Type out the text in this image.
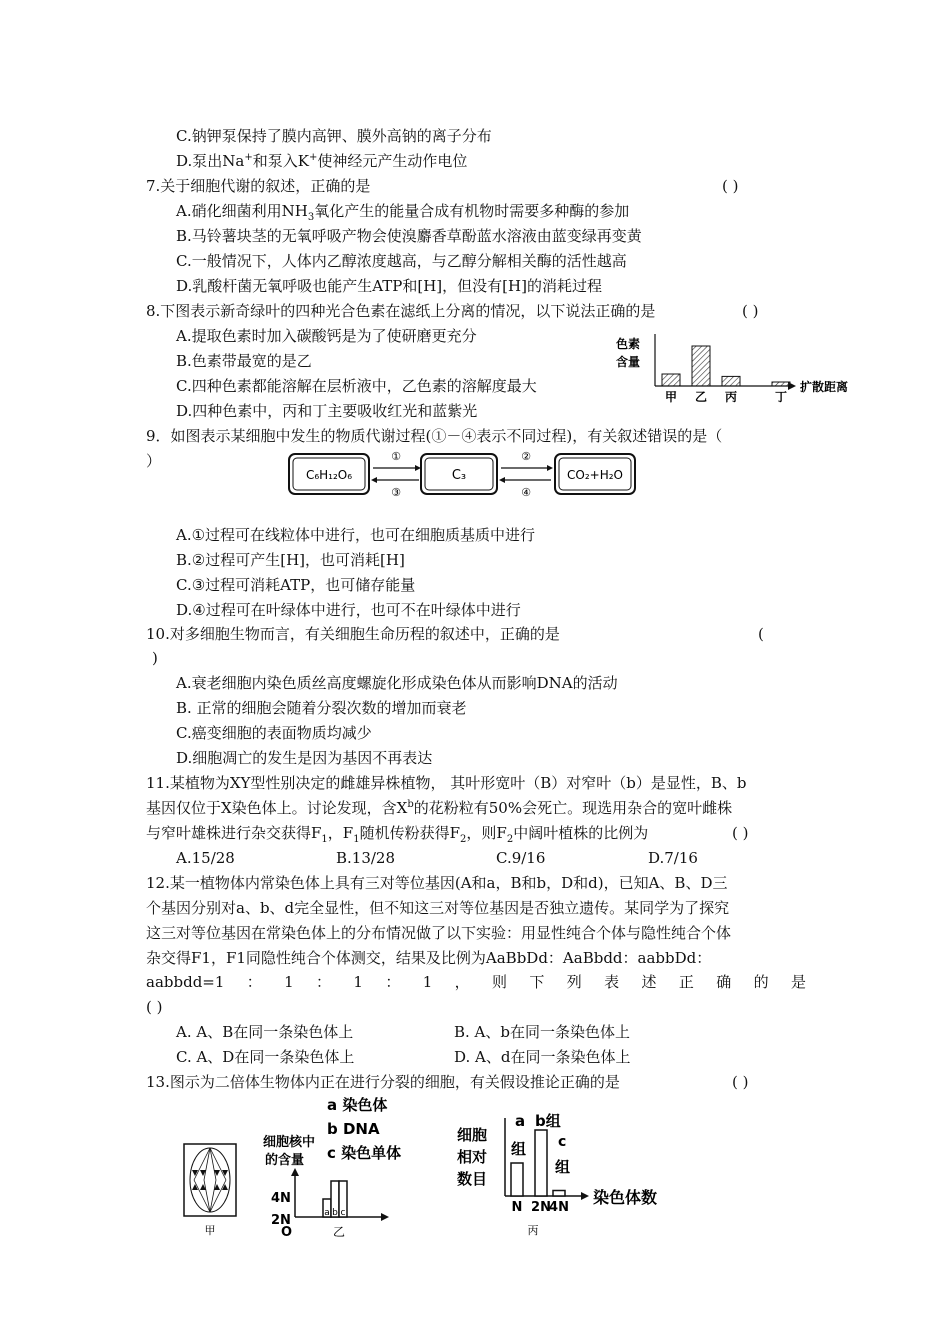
C.钠钾泵保持了膜内高钾、膜外高钠的离子分布
D.泵出Na+和泵入K+使神经元产生动作电位
7.关于细胞代谢的叙述，正确的是	( )
A.硝化细菌利用$NH_3$氧化产生的能量合成有机物时需要多种酶的参加
B.马铃薯块茎的无氧呼吸产物会使溴麝香草酚蓝水溶液由蓝变绿再变黄
C.一般情况下，人体内乙醇浓度越高，与乙醇分解相关酶的活性越高
D.乳酸杆菌无氧呼吸也能产生ATP和[H]，但没有[H]的消耗过程
8.下图表示新奇绿叶的四种光合色素在滤纸上分离的情况，以下说法正确的是	( )
A.提取色素时加入碳酸钙是为了使研磨更充分
B.色素带最宽的是乙
C.四种色素都能溶解在层析液中，乙色素的溶解度最大
D.四种色素中，丙和丁主要吸收红光和蓝紫光
色素
含量
扩散距离
甲 乙 丙	丁
9．如图表示某细胞中发生的物质代谢过程(①－④表示不同过程)，有关叙述错误的是（
）
C₆H₁₂O₆	C₃	CO₂+H₂O
①
③
②
④
A.①过程可在线粒体中进行，也可在细胞质基质中进行
B.②过程可产生[H]，也可消耗[H]
C.③过程可消耗ATP，也可储存能量
D.④过程可在叶绿体中进行，也可不在叶绿体中进行
10.对多细胞生物而言，有关细胞生命历程的叙述中，正确的是	(
)
A.衰老细胞内染色质丝高度螺旋化形成染色体从而影响DNA的活动
B. 正常的细胞会随着分裂次数的增加而衰老
C.癌变细胞的表面物质均减少
D.细胞凋亡的发生是因为基因不再表达
11.某植物为XY型性别决定的雌雄异株植物， 其叶形宽叶（B）对窄叶（b）是显性，B、b
基因仅位于X染色体上。讨论发现，含$X^b$的花粉粒有50%会死亡。现选用杂合的宽叶雌株
与窄叶雄株进行杂交获得$F_1$，$F_1$随机传粉获得$F_2$，则$F_2$中阔叶植株的比例为	( )
A.15/28	B.13/28	C.9/16	D.7/16
12.某一植物体内常染色体上具有三对等位基因(A和a，B和b，D和d)，已知A、B、D三
个基因分别对a、b、d完全显性，但不知这三对等位基因是否独立遗传。某同学为了探究
这三对等位基因在常染色体上的分布情况做了以下实验：用显性纯合个体与隐性纯合个体
杂交得F1，F1同隐性纯合个体测交，结果及比例为AaBbDd：AaBbdd：aabbDd：
aabbdd=1 ： 1 ： 1 ： 1 ， 则 下 列 表 述 正 确 的 是
( )
A. A、B在同一条染色体上	B. A、b在同一条染色体上
C. A、D在同一条染色体上	D. A、d在同一条染色体上
13.图示为二倍体生物体内正在进行分裂的细胞，有关假设推论正确的是	( )
甲
a 染色体
b DNA
c 染色单体
细胞核中
的含量
4N
2N
O
a b c
乙
细胞
相对
数目
a
组
b组
c
组
染色体数
N 2N
4N
丙
